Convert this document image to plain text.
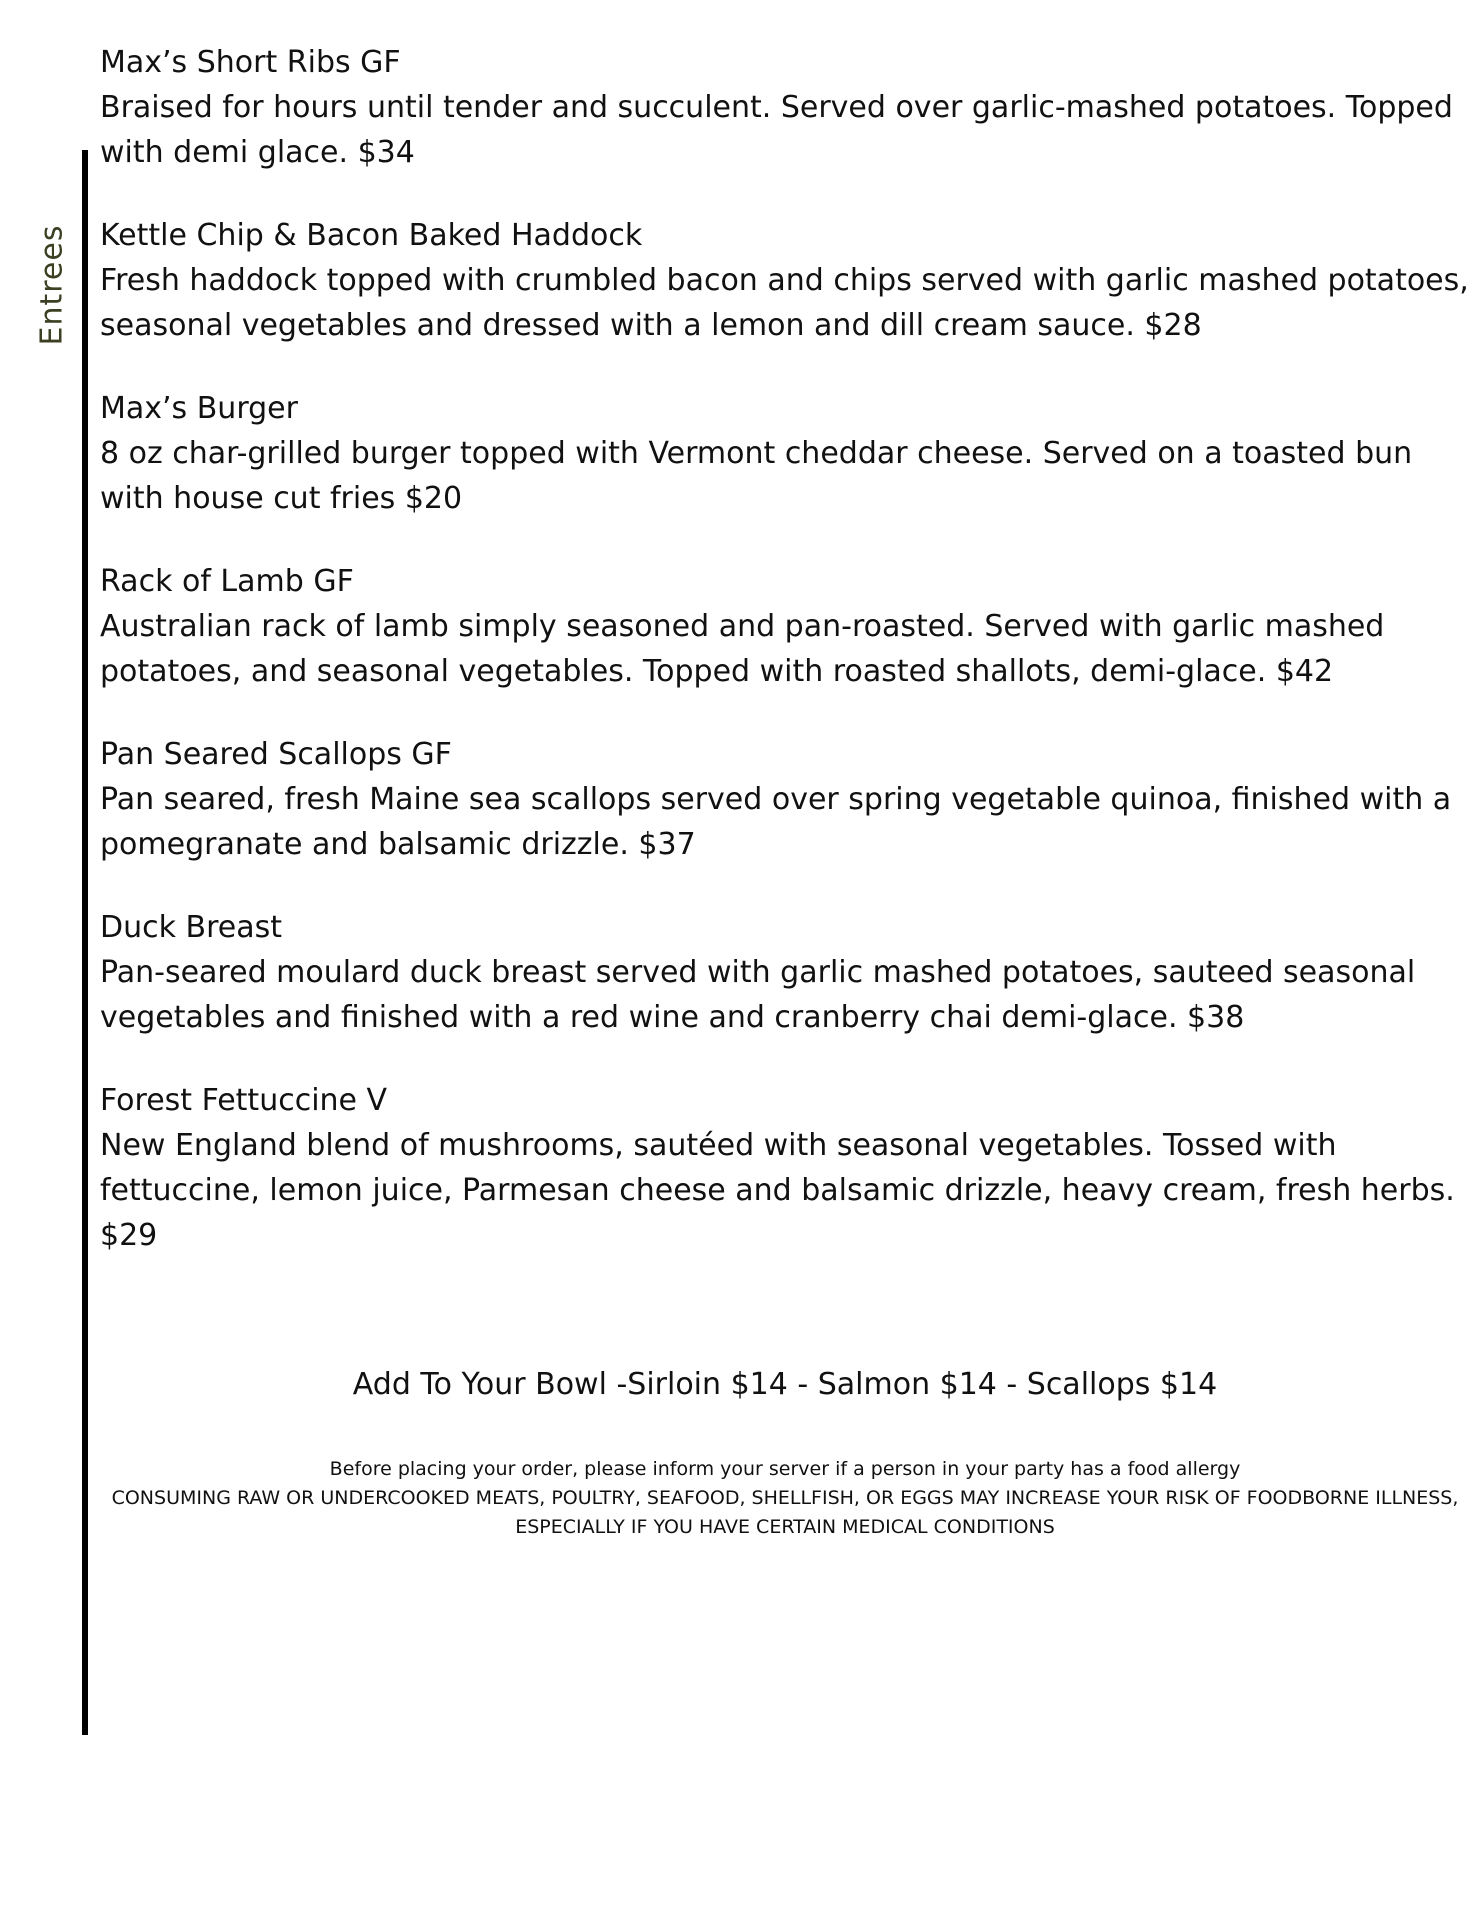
Entrees
Max’s Short Ribs GF
Braised for hours until tender and succulent. Served over garlic-mashed potatoes. Topped with demi glace. $34
Kettle Chip & Bacon Baked Haddock
Fresh haddock topped with crumbled bacon and chips served with garlic mashed potatoes, seasonal vegetables and dressed with a lemon and dill cream sauce. $28
Max’s Burger
8 oz char-grilled burger topped with Vermont cheddar cheese. Served on a toasted bun with house cut fries $20
Rack of Lamb GF
Australian rack of lamb simply seasoned and pan-roasted. Served with garlic mashed potatoes, and seasonal vegetables. Topped with roasted shallots, demi-glace. $42
Pan Seared Scallops GF
Pan seared, fresh Maine sea scallops served over spring vegetable quinoa, finished with a pomegranate and balsamic drizzle. $37
Duck Breast
Pan-seared moulard duck breast served with garlic mashed potatoes, sauteed seasonal vegetables and finished with a red wine and cranberry chai demi-glace. $38
Forest Fettuccine V
New England blend of mushrooms, sautéed with seasonal vegetables. Tossed with fettuccine, lemon juice, Parmesan cheese and balsamic drizzle, heavy cream, fresh herbs. $29
Add To Your Bowl -Sirloin $14 - Salmon $14 - Scallops $14
Before placing your order, please inform your server if a person in your party has a food allergy
CONSUMING RAW OR UNDERCOOKED MEATS, POULTRY, SEAFOOD, SHELLFISH, OR EGGS MAY INCREASE YOUR RISK OF FOODBORNE ILLNESS, ESPECIALLY IF YOU HAVE CERTAIN MEDICAL CONDITIONS
